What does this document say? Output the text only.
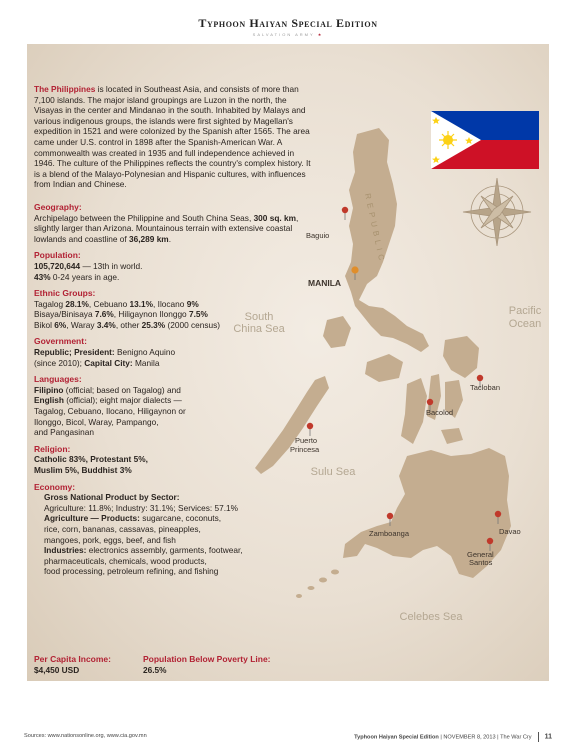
Typhoon Haiyan Special Edition
SALVATION ARMY ★
REPUBLIC
South
China Sea
Pacific
Ocean
Sulu Sea
Celebes Sea
Baguio
MANILA
Tacloban
Bacolod
Puerto
Princesa
Zamboanga	Davao
General
Santos

The Philippines is located in Southeast Asia, and consists of more than 7,100 islands. The major island groupings are Luzon in the north, the Visayas in the center and Mindanao in the south. Inhabited by Malays and various indigenous groups, the islands were first sighted by Magellan's expedition in 1521 and were colonized by the Spanish after 1565. The area came under U.S. control in 1898 after the Spanish-American War. A commonwealth was created in 1935 and full independence achieved in 1946. The culture of the Philippines reflects the country's complex history. It is a blend of the Malayo-Polynesian and Hispanic cultures, with influences from Indian and Chinese.

Geography:
Archipelago between the Philippine and South China Seas, 300 sq. km, slightly larger than Arizona. Mountainous terrain with extensive coastal lowlands and coastline of 36,289 km.
Population:
105,720,644 — 13th in world.
43% 0-24 years in age.
Ethnic Groups:
Tagalog 28.1%, Cebuano 13.1%, Ilocano 9%
Bisaya/Binisaya 7.6%, Hiligaynon Ilonggo 7.5%
Bikol 6%, Waray 3.4%, other 25.3% (2000 census)
Government:
Republic; President: Benigno Aquino
(since 2010); Capital City: Manila
Languages:
Filipino (official; based on Tagalog) and
English (official); eight major dialects —
Tagalog, Cebuano, Ilocano, Hiligaynon or
Ilonggo, Bicol, Waray, Pampango,
and Pangasinan
Religion:
Catholic 83%, Protestant 5%,
Muslim 5%, Buddhist 3%
Economy:
Gross National Product by Sector:
Agriculture: 11.8%; Industry: 31.1%; Services: 57.1%
Agriculture — Products: sugarcane, coconuts,
rice, corn, bananas, cassavas, pineapples,
mangoes, pork, eggs, beef, and fish
Industries: electronics assembly, garments, footwear,
pharmaceuticals, chemicals, wood products,
food processing, petroleum refining, and fishing
Per Capita Income:
$4,450 USD
Population Below Poverty Line:
26.5%
Sources: www.nationsonline.org, www.cia.gov.mn	Typhoon Haiyan Special Edition | NOVEMBER 8, 2013 | The War Cry 11
